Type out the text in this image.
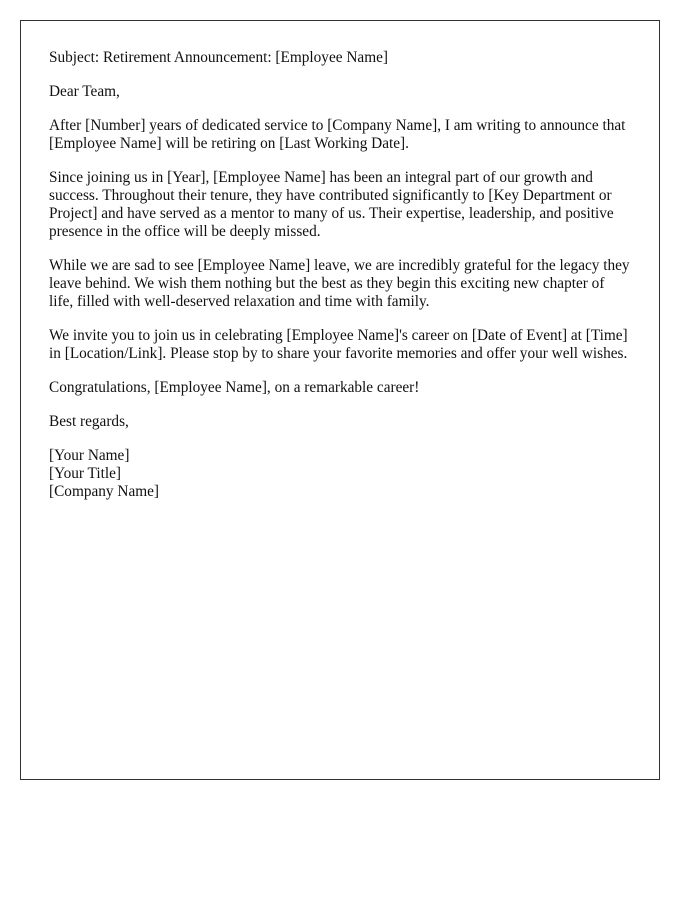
Subject: Retirement Announcement: [Employee Name]

Dear Team,

After [Number] years of dedicated service to [Company Name], I am writing to announce that [Employee Name] will be retiring on [Last Working Date].

Since joining us in [Year], [Employee Name] has been an integral part of our growth and success. Throughout their tenure, they have contributed significantly to [Key Department or Project] and have served as a mentor to many of us. Their expertise, leadership, and positive presence in the office will be deeply missed.

While we are sad to see [Employee Name] leave, we are incredibly grateful for the legacy they leave behind. We wish them nothing but the best as they begin this exciting new chapter of life, filled with well-deserved relaxation and time with family.

We invite you to join us in celebrating [Employee Name]'s career on [Date of Event] at [Time] in [Location/Link]. Please stop by to share your favorite memories and offer your well wishes.

Congratulations, [Employee Name], on a remarkable career!

Best regards,

[Your Name]

[Your Title]

[Company Name]
